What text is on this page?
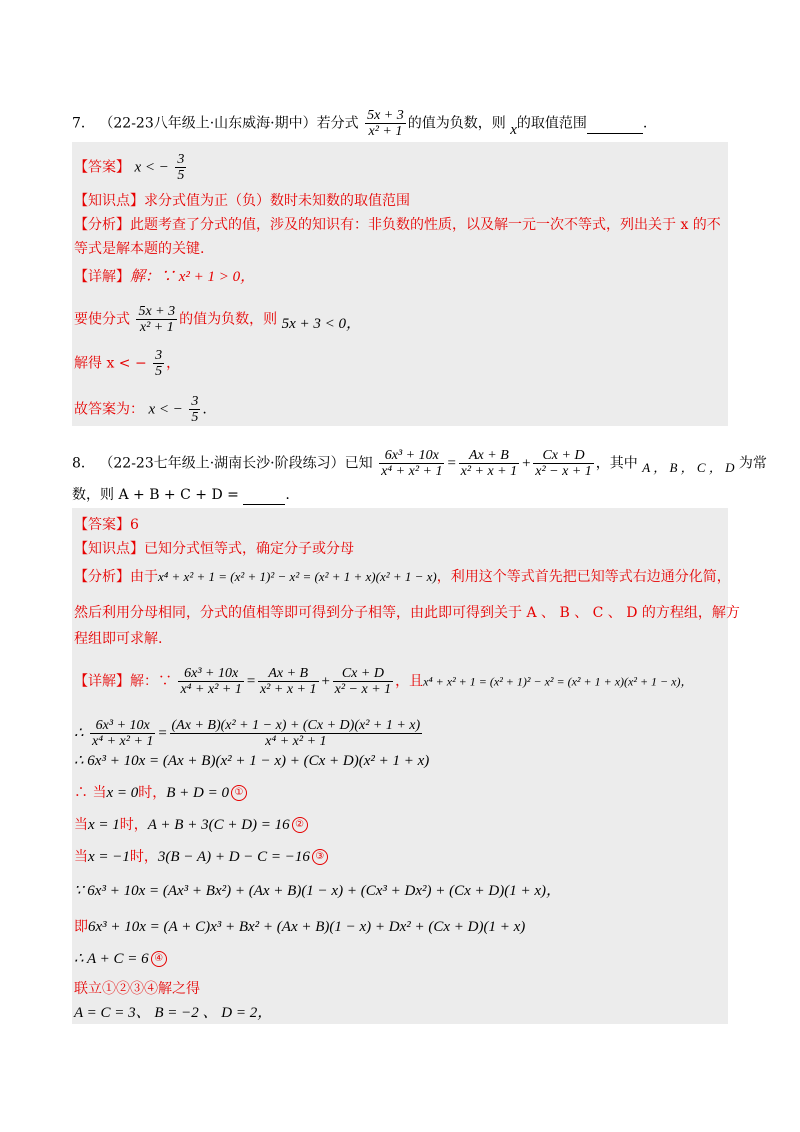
7． （22-23八年级上·山东威海·期中）若分式 $\frac{5x + 3}{\text{x² + 1}}$ 的值为负数，则 x的取值范围	.
【答案】 x < − $\frac{3}{5}$
【知识点】求分式值为正（负）数时未知数的取值范围
【分析】此题考查了分式的值，涉及的知识有：非负数的性质，以及解一元一次不等式，列出关于 x 的不
等式是解本题的关键.
【详解】解：∵ x² + 1 > 0，
要使分式 $\frac{5x + 3}{\text{x² + 1}}$ 的值为负数，则 5x + 3 < 0，
解得 x < − $\frac{3}{5}$ ，
故答案为： x < − $\frac{3}{5}$ .
8． （22-23七年级上·湖南长沙·阶段练习）已知 $\frac{\text{6x³ + 10x}}{\text{x⁴ + x² + 1}} = \frac{Ax + B}{\text{x² + x + 1}} + \frac{Cx + D}{\text{x² − x + 1}}$ ，其中 A ， B ， C ， D 为常
数，则 A + B + C + D =	.
【答案】6
【知识点】已知分式恒等式，确定分子或分母
【分析】由于x⁴ + x² + 1 = (x² + 1)² − x² = (x² + 1 + x)(x² + 1 − x)，利用这个等式首先把已知等式右边通分化简，
然后利用分母相同，分式的值相等即可得到分子相等，由此即可得到关于 A 、 B 、 C 、 D 的方程组，解方
程组即可求解.
【详解】解：∵ $\frac{\text{6x³ + 10x}}{\text{x⁴ + x² + 1}} = \frac{Ax + B}{\text{x² + x + 1}} + \frac{Cx + D}{\text{x² − x + 1}}$ ，且x⁴ + x² + 1 = (x² + 1)² − x² = (x² + 1 + x)(x² + 1 − x)，
∴ $\frac{\text{6x³ + 10x}}{\text{x⁴ + x² + 1}} = \frac{\text{(Ax + B)(x² + 1 − x) + (Cx + D)(x² + 1 + x)}}{\text{x⁴ + x² + 1}}$
∴ 6x³ + 10x = (Ax + B)(x² + 1 − x) + (Cx + D)(x² + 1 + x)
∴ 当x = 0时，B + D = 0 ①
当x = 1时，A + B + 3(C + D) = 16 ②
当x = −1时，3(B − A) + D − C = −16 ③
∵ 6x³ + 10x = (Ax³ + Bx²) + (Ax + B)(1 − x) + (Cx³ + Dx²) + (Cx + D)(1 + x)，
即6x³ + 10x = (A + C)x³ + Bx² + (Ax + B)(1 − x) + Dx² + (Cx + D)(1 + x)
∴ A + C = 6 ④
联立①②③④解之得
A = C = 3、 B = −2 、 D = 2，
